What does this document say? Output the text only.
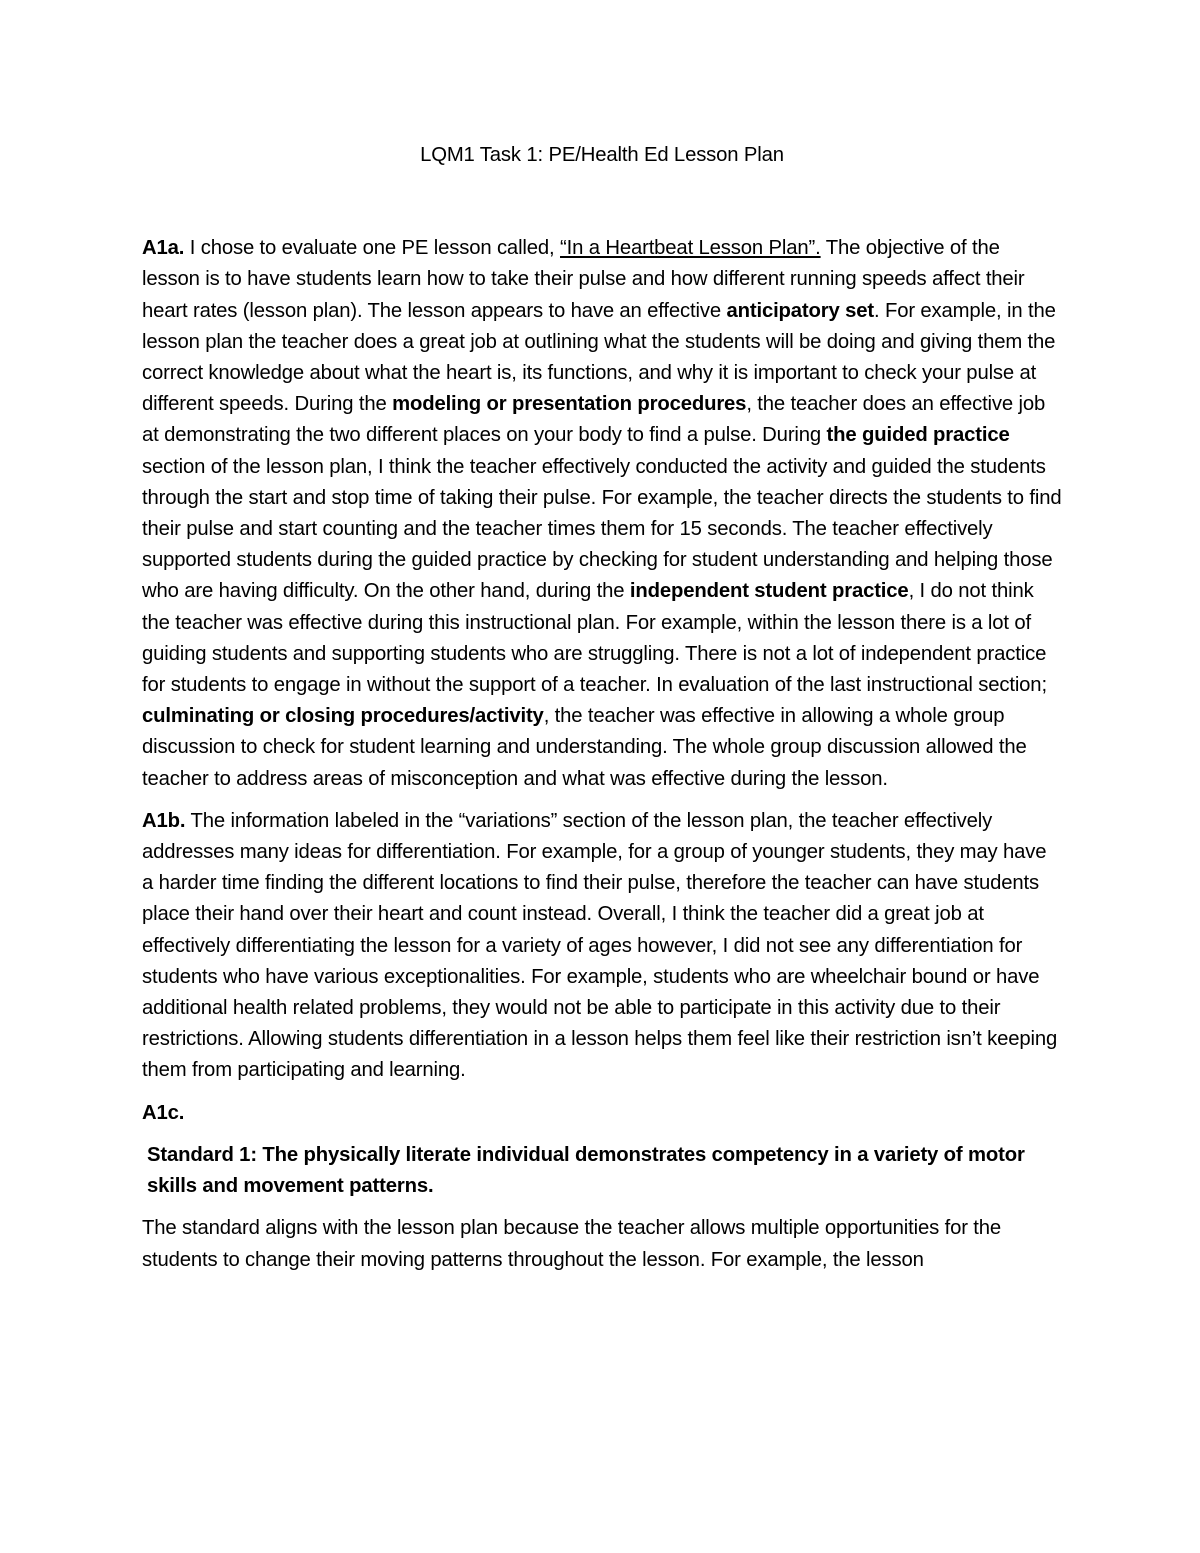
LQM1 Task 1: PE/Health Ed Lesson Plan

A1a. I chose to evaluate one PE lesson called, “In a Heartbeat Lesson Plan”. The objective of the lesson is to have students learn how to take their pulse and how different running speeds affect their heart rates (lesson plan). The lesson appears to have an effective anticipatory set. For example, in the lesson plan the teacher does a great job at outlining what the students will be doing and giving them the correct knowledge about what the heart is, its functions, and why it is important to check your pulse at different speeds. During the modeling or presentation procedures, the teacher does an effective job at demonstrating the two different places on your body to find a pulse. During the guided practice section of the lesson plan, I think the teacher effectively conducted the activity and guided the students through the start and stop time of taking their pulse. For example, the teacher directs the students to find their pulse and start counting and the teacher times them for 15 seconds. The teacher effectively supported students during the guided practice by checking for student understanding and helping those who are having difficulty. On the other hand, during the independent student practice, I do not think the teacher was effective during this instructional plan. For example, within the lesson there is a lot of guiding students and supporting students who are struggling. There is not a lot of independent practice for students to engage in without the support of a teacher. In evaluation of the last instructional section; culminating or closing procedures/activity, the teacher was effective in allowing a whole group discussion to check for student learning and understanding. The whole group discussion allowed the teacher to address areas of misconception and what was effective during the lesson.

A1b. The information labeled in the “variations” section of the lesson plan, the teacher effectively addresses many ideas for differentiation. For example, for a group of younger students, they may have a harder time finding the different locations to find their pulse, therefore the teacher can have students place their hand over their heart and count instead. Overall, I think the teacher did a great job at effectively differentiating the lesson for a variety of ages however, I did not see any differentiation for students who have various exceptionalities. For example, students who are wheelchair bound or have additional health related problems, they would not be able to participate in this activity due to their restrictions. Allowing students differentiation in a lesson helps them feel like their restriction isn’t keeping them from participating and learning.

A1c.

Standard 1: The physically literate individual demonstrates competency in a variety of motor skills and movement patterns.

The standard aligns with the lesson plan because the teacher allows multiple opportunities for the students to change their moving patterns throughout the lesson. For example, the lesson
